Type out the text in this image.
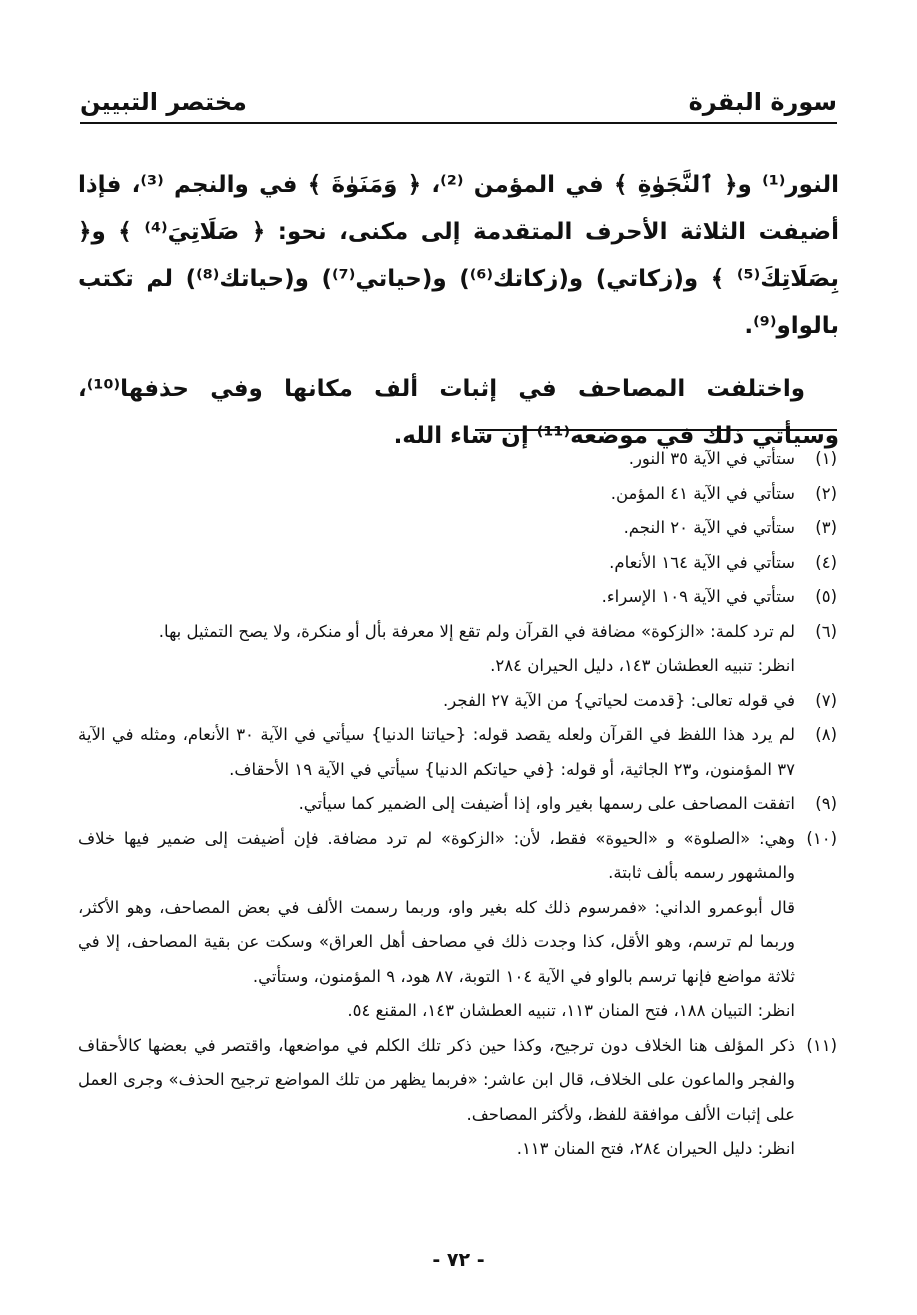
سورة البقرة
مختصر التبيين

النور⁽¹⁾ و﴿ ٱلنَّجَوٰةِ ﴾ في المؤمن ⁽²⁾، ﴿ وَمَنَوٰةَ ﴾ في والنجم ⁽³⁾، فإذا أضيفت الثلاثة الأحرف المتقدمة إلى مكنى، نحو: ﴿ صَلَاتِيَ⁽⁴⁾ ﴾ و﴿ بِصَلَاتِكَ⁽⁵⁾ ﴾ و(زكاتي) و(زكاتك⁽⁶⁾) و(حياتي⁽⁷⁾) و(حياتك⁽⁸⁾) لم تكتب بالواو⁽⁹⁾.

واختلفت المصاحف في إثبات ألف مكانها وفي حذفها⁽¹⁰⁾، وسيأتي ذلك في موضعه⁽¹¹⁾ إن شاء الله.

(١)
ستأتي في الآية ٣٥ النور.
(٢)
ستأتي في الآية ٤١ المؤمن.
(٣)
ستأتي في الآية ٢٠ النجم.
(٤)
ستأتي في الآية ١٦٤ الأنعام.
(٥)
ستأتي في الآية ١٠٩ الإسراء.
(٦)
لم ترد كلمة: «الزكوة» مضافة في القرآن ولم تقع إلا معرفة بأل أو منكرة، ولا يصح التمثيل بها.
انظر: تنبيه العطشان ١٤٣، دليل الحيران ٢٨٤.
(٧)
في قوله تعالى: {قدمت لحياتي} من الآية ٢٧ الفجر.
(٨)
لم يرد هذا اللفظ في القرآن ولعله يقصد قوله: {حياتنا الدنيا} سيأتي في الآية ٣٠ الأنعام، ومثله في الآية ٣٧ المؤمنون، و٢٣ الجاثية، أو قوله: {في حياتكم الدنيا} سيأتي في الآية ١٩ الأحقاف.
(٩)
اتفقت المصاحف على رسمها بغير واو، إذا أضيفت إلى الضمير كما سيأتي.
(١٠)
وهي: «الصلوة» و «الحيوة» فقط، لأن: «الزكوة» لم ترد مضافة. فإن أضيفت إلى ضمير فيها خلاف والمشهور رسمه بألف ثابتة.
قال أبوعمرو الداني: «فمرسوم ذلك كله بغير واو، وربما رسمت الألف في بعض المصاحف، وهو الأكثر، وربما لم ترسم، وهو الأقل، كذا وجدت ذلك في مصاحف أهل العراق» وسكت عن بقية المصاحف، إلا في ثلاثة مواضع فإنها ترسم بالواو في الآية ١٠٤ التوبة، ٨٧ هود، ٩ المؤمنون، وستأتي.
انظر: التبيان ١٨٨، فتح المنان ١١٣، تنبيه العطشان ١٤٣، المقنع ٥٤.
(١١)
ذكر المؤلف هنا الخلاف دون ترجيح، وكذا حين ذكر تلك الكلم في مواضعها، واقتصر في بعضها كالأحقاف والفجر والماعون على الخلاف، قال ابن عاشر: «فربما يظهر من تلك المواضع ترجيح الحذف» وجرى العمل على إثبات الألف موافقة للفظ، ولأكثر المصاحف.
انظر: دليل الحيران ٢٨٤، فتح المنان ١١٣.
- ٧٢ -
